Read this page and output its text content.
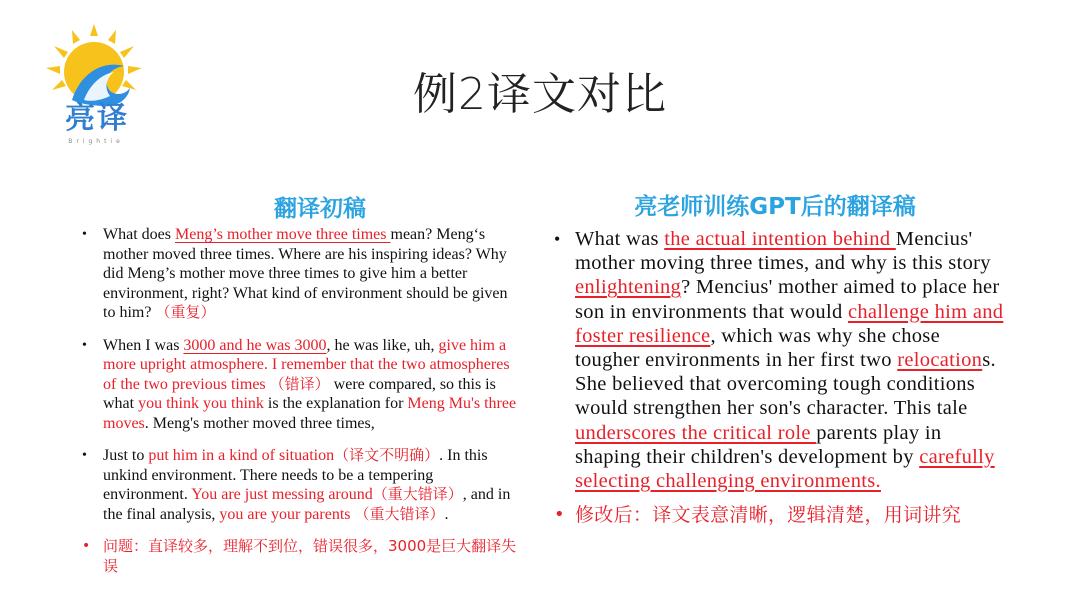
亮译
Brightie
例2译文对比
翻译初稿	亮老师训练GPT后的翻译稿
• What does Meng’s mother move three times mean? Meng‘s mother moved three times. Where are his inspiring ideas? Why did Meng’s mother move three times to give him a better environment, right? What kind of environment should be given to him? （重复）
• When I was 3000 and he was 3000, he was like, uh, give him a more upright atmosphere. I remember that the two atmospheres of the two previous times （错译） were compared, so this is what you think you think is the explanation for Meng Mu's three moves. Meng's mother moved three times,
• Just to put him in a kind of situation（译文不明确）. In this unkind environment. There needs to be a tempering environment. You are just messing around（重大错译）, and in the final analysis, you are your parents （重大错译）.
• 问题：直译较多，理解不到位，错误很多，3000是巨大翻译失误
• What was the actual intention behind Mencius' mother moving three times, and why is this story enlightening? Mencius' mother aimed to place her son in environments that would challenge him and foster resilience, which was why she chose tougher environments in her first two relocations. She believed that overcoming tough conditions would strengthen her son's character. This tale underscores the critical role parents play in shaping their children's development by carefully selecting challenging environments.
• 修改后：译文表意清晰，逻辑清楚，用词讲究
